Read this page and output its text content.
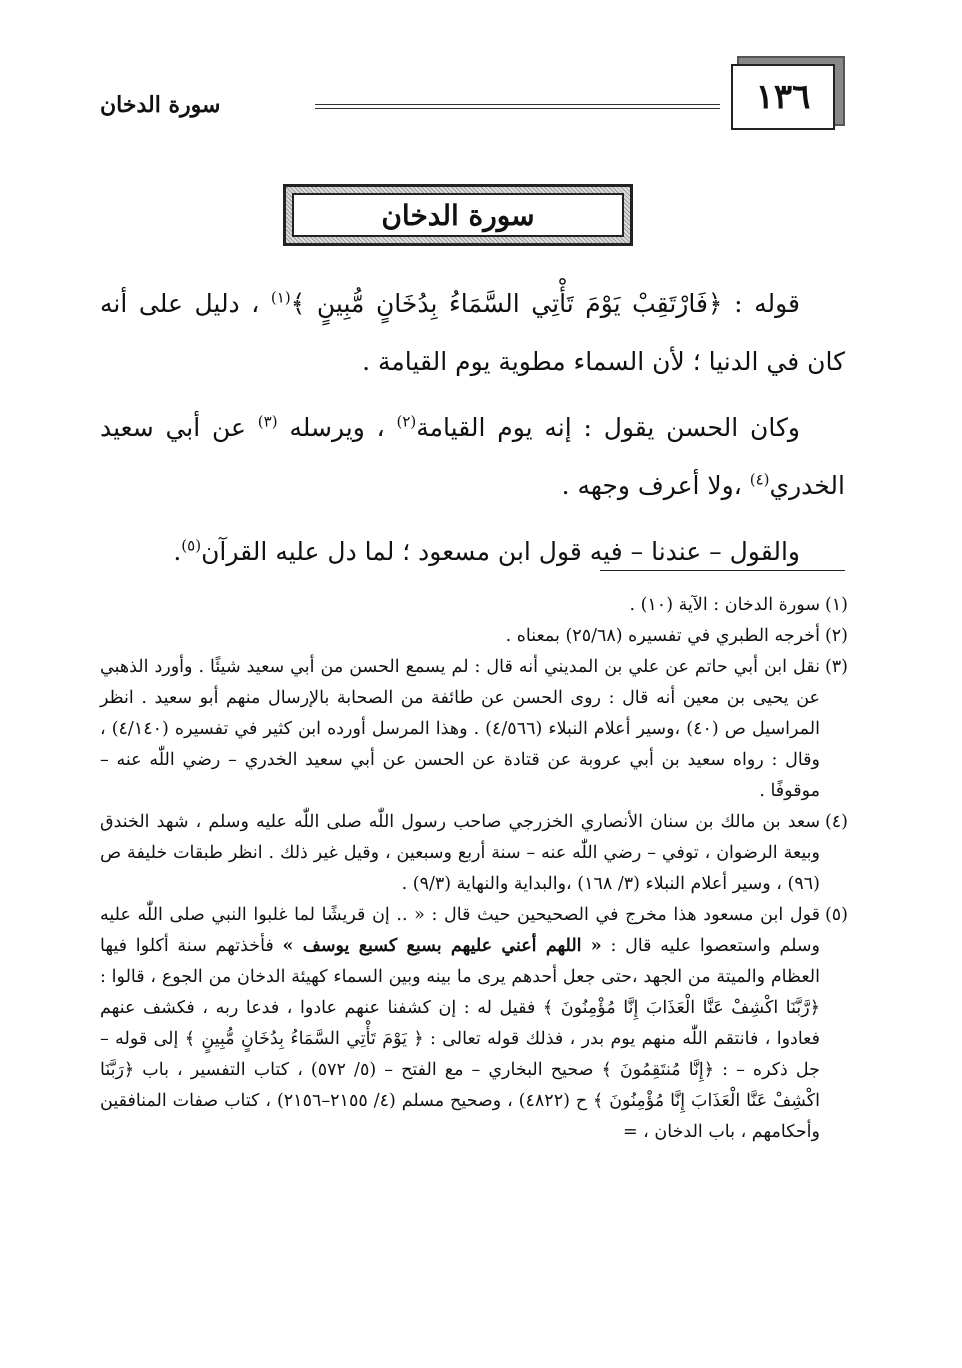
سورة الدخان	١٣٦
سورة الدخان

قوله : ﴿فَارْتَقِبْ يَوْمَ تَأْتِي السَّمَاءُ بِدُخَانٍ مُّبِينٍ ﴾$^{(١)}$ ، دليل على أنه كان في الدنيا ؛ لأن السماء مطوية يوم القيامة .

وكان الحسن يقول : إنه يوم القيامة$^{(٢)}$ ، ويرسله $^{(٣)}$ عن أبي سعيد الخدري$^{(٤)}$ ،ولا أعرف وجهه .

والقول – عندنا – فيه قول ابن مسعود ؛ لما دل عليه القرآن$^{(٥)}$.

(١)
سورة الدخان : الآية (١٠) .

(٢)
أخرجه الطبري في تفسيره (٢٥/٦٨) بمعناه .

(٣)
نقل ابن أبي حاتم عن علي بن المديني أنه قال : لم يسمع الحسن من أبي سعيد شيئًا . وأورد الذهبي عن يحيى بن معين أنه قال : روى الحسن عن طائفة من الصحابة بالإرسال منهم أبو سعيد . انظر المراسيل ص (٤٠) ،وسير أعلام النبلاء (٤/٥٦٦) . وهذا المرسل أورده ابن كثير في تفسيره (٤/١٤٠) ، وقال : رواه سعيد بن أبي عروبة عن قتادة عن الحسن عن أبي سعيد الخدري – رضي اللّٰه عنه – موقوفًا .

(٤)
سعد بن مالك بن سنان الأنصاري الخزرجي صاحب رسول اللّٰه صلى اللّٰه عليه وسلم ، شهد الخندق وبيعة الرضوان ، توفي – رضي اللّٰه عنه – سنة أربع وسبعين ، وقيل غير ذلك . انظر طبقات خليفة ص (٩٦) ، وسير أعلام النبلاء (٣/ ١٦٨) ،والبداية والنهاية (٩/٣) .

(٥)
قول ابن مسعود هذا مخرج في الصحيحين حيث قال : « .. إن قريشًا لما غلبوا النبي صلى اللّٰه عليه وسلم واستعصوا عليه قال : « اللهم أعني عليهم بسبع كسبع يوسف » فأخذتهم سنة أكلوا فيها العظام والميتة من الجهد ،حتى جعل أحدهم يرى ما بينه وبين السماء كهيئة الدخان من الجوع ، قالوا : ﴿رَّبَّنَا اكْشِفْ عَنَّا الْعَذَابَ إِنَّا مُؤْمِنُونَ ﴾ فقيل له : إن كشفنا عنهم عادوا ، فدعا ربه ، فكشف عنهم فعادوا ، فانتقم اللّٰه منهم يوم بدر ، فذلك قوله تعالى : ﴿ يَوْمَ تَأْتِي السَّمَاءُ بِدُخَانٍ مُّبِينٍ ﴾ إلى قوله – جل ذكره – : ﴿إِنَّا مُنتَقِمُونَ ﴾ صحيح البخاري – مع الفتح – (٥/ ٥٧٢) ، كتاب التفسير ، باب ﴿رَبَّنَا اكْشِفْ عَنَّا الْعَذَابَ إِنَّا مُؤْمِنُونَ ﴾ ح (٤٨٢٢) ، وصحيح مسلم (٤/ ٢١٥٥–٢١٥٦) ، كتاب صفات المنافقين وأحكامهم ، باب الدخان ، =
